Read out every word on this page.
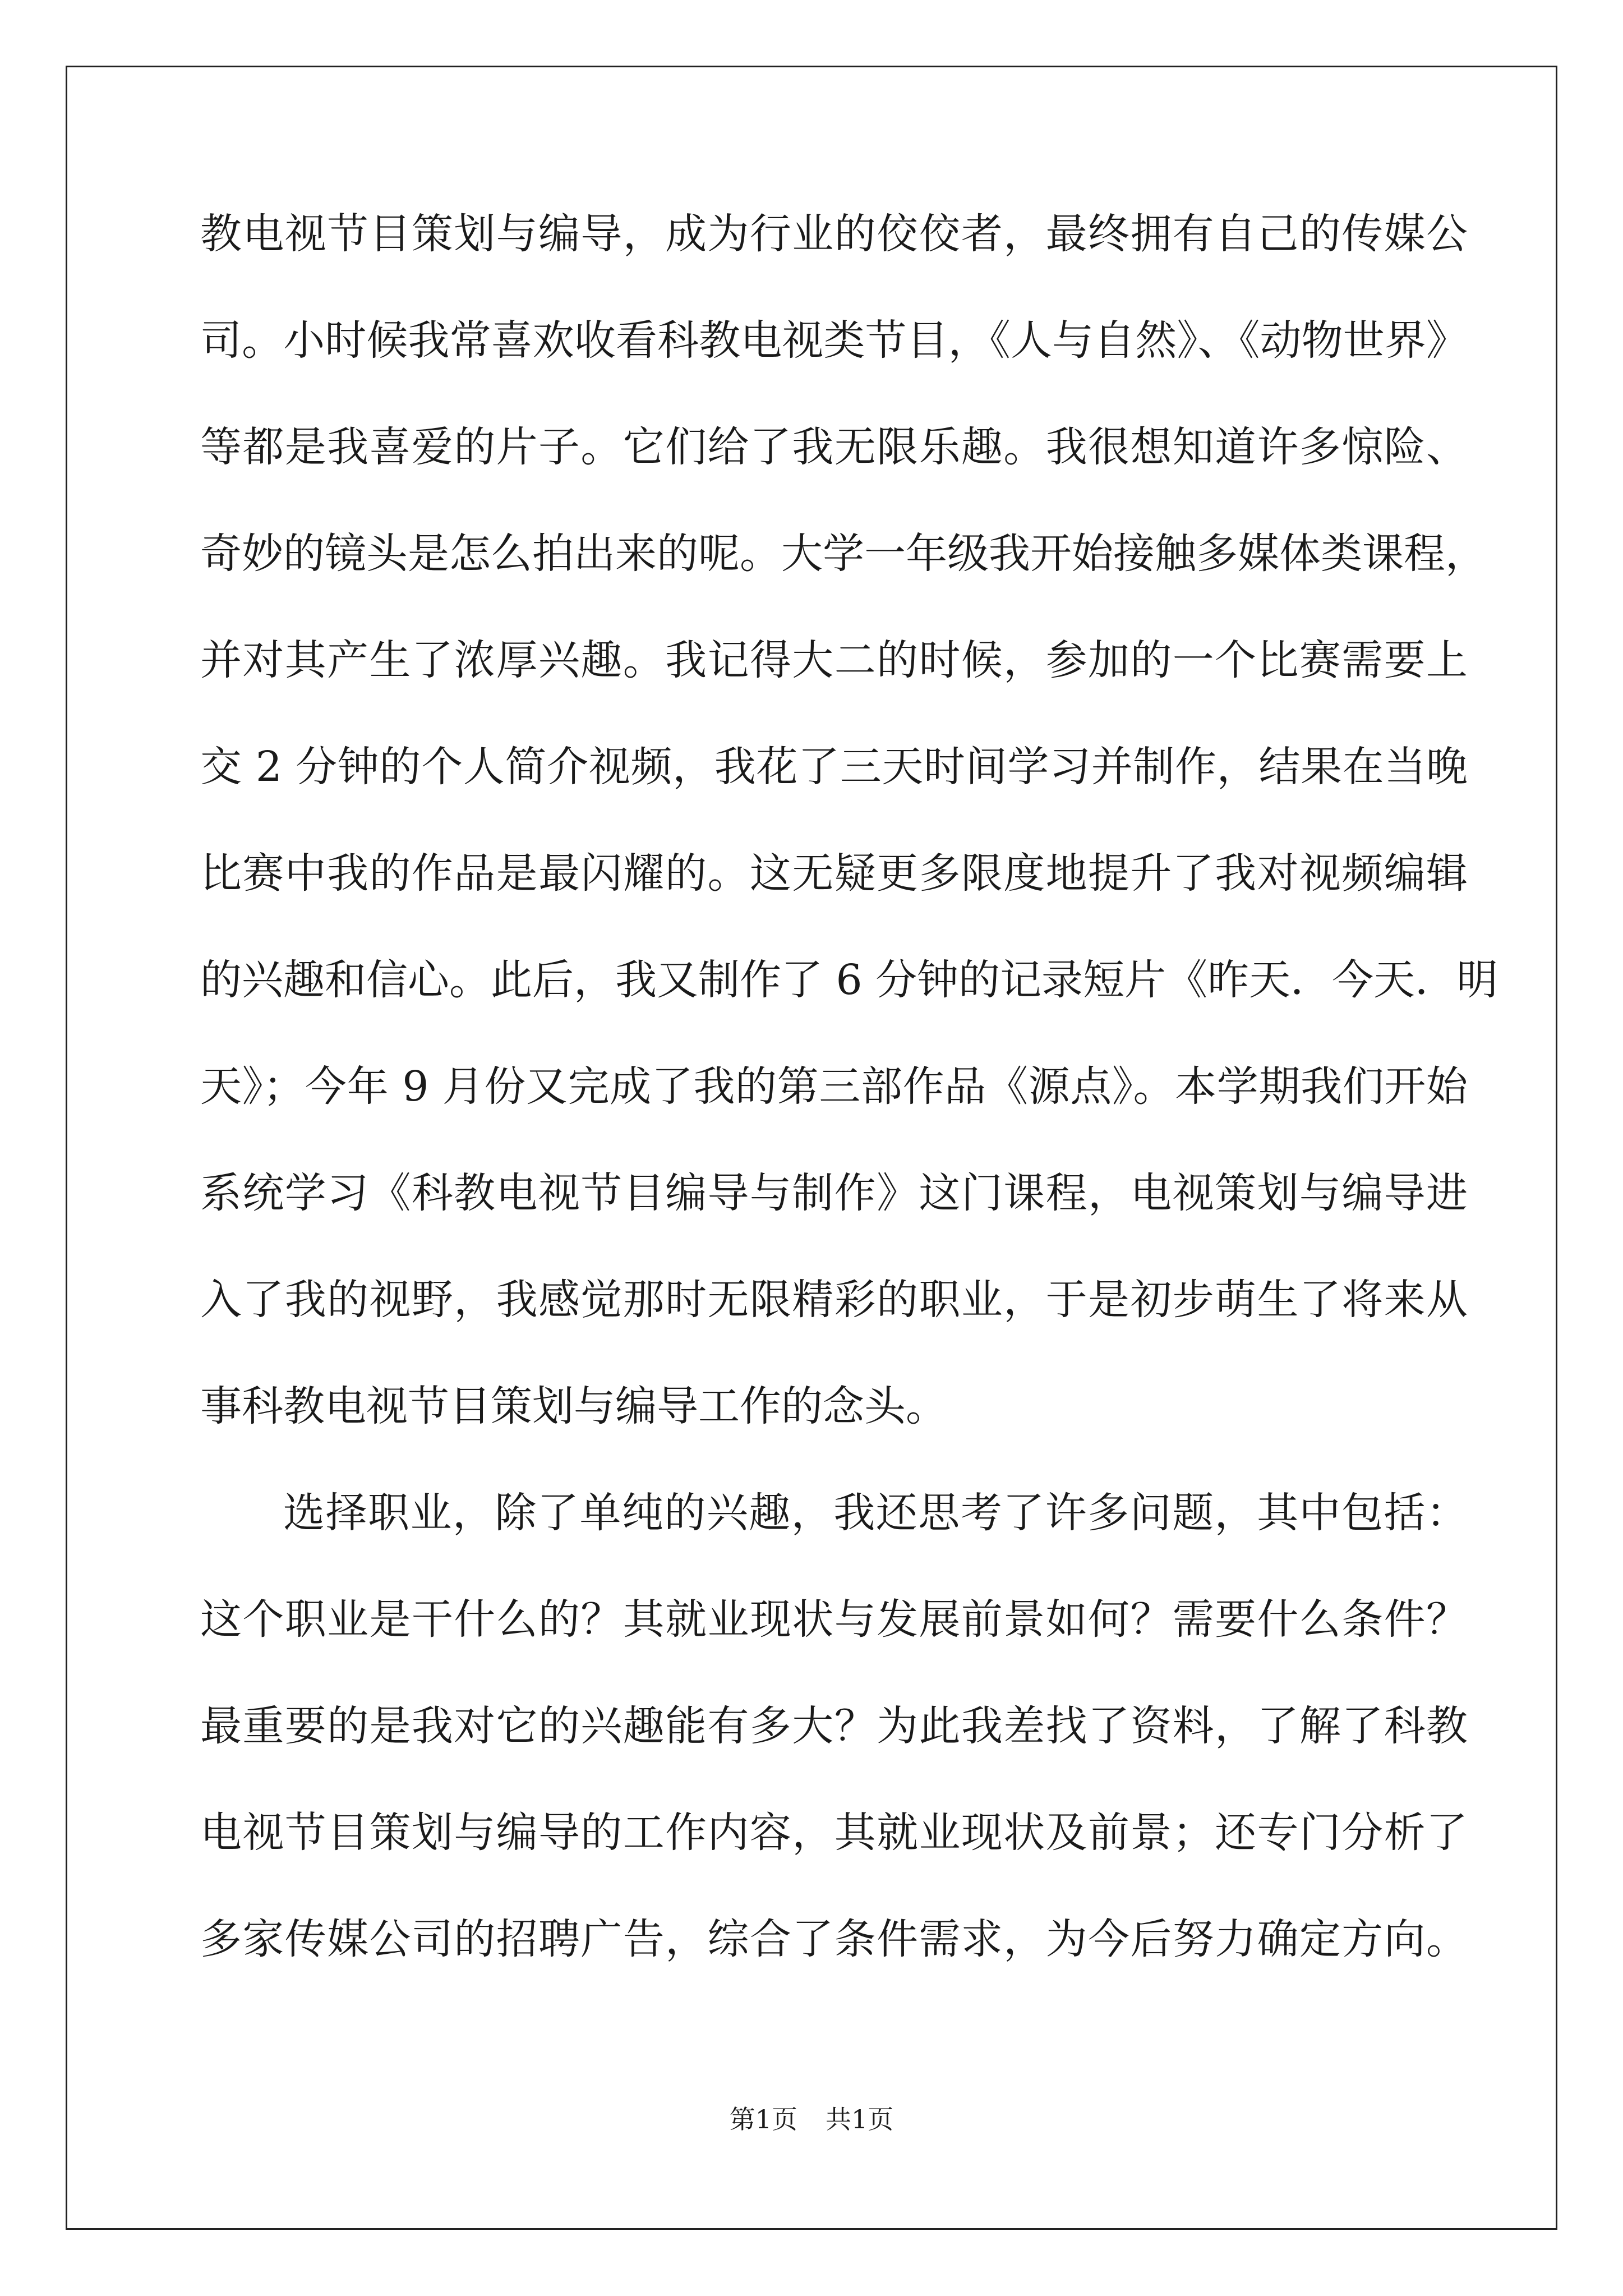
教电视节目策划与编导，成为行业的佼佼者，最终拥有自己的传媒公
司。小时候我常喜欢收看科教电视类节目，《人与自然》、《动物世界》
等都是我喜爱的片子。它们给了我无限乐趣。我很想知道许多惊险、
奇妙的镜头是怎么拍出来的呢。大学一年级我开始接触多媒体类课程，
并对其产生了浓厚兴趣。我记得大二的时候，参加的一个比赛需要上
交 2 分钟的个人简介视频，我花了三天时间学习并制作，结果在当晚
比赛中我的作品是最闪耀的。这无疑更多限度地提升了我对视频编辑
的兴趣和信心。此后，我又制作了 6 分钟的记录短片《昨天．今天．明
天》；今年 9 月份又完成了我的第三部作品《源点》。本学期我们开始
系统学习《科教电视节目编导与制作》这门课程，电视策划与编导进
入了我的视野，我感觉那时无限精彩的职业，于是初步萌生了将来从
事科教电视节目策划与编导工作的念头。
选择职业，除了单纯的兴趣，我还思考了许多问题，其中包括：
这个职业是干什么的？其就业现状与发展前景如何？需要什么条件？
最重要的是我对它的兴趣能有多大？为此我差找了资料，了解了科教
电视节目策划与编导的工作内容，其就业现状及前景；还专门分析了
多家传媒公司的招聘广告，综合了条件需求，为今后努力确定方向。
第1页 共1页
